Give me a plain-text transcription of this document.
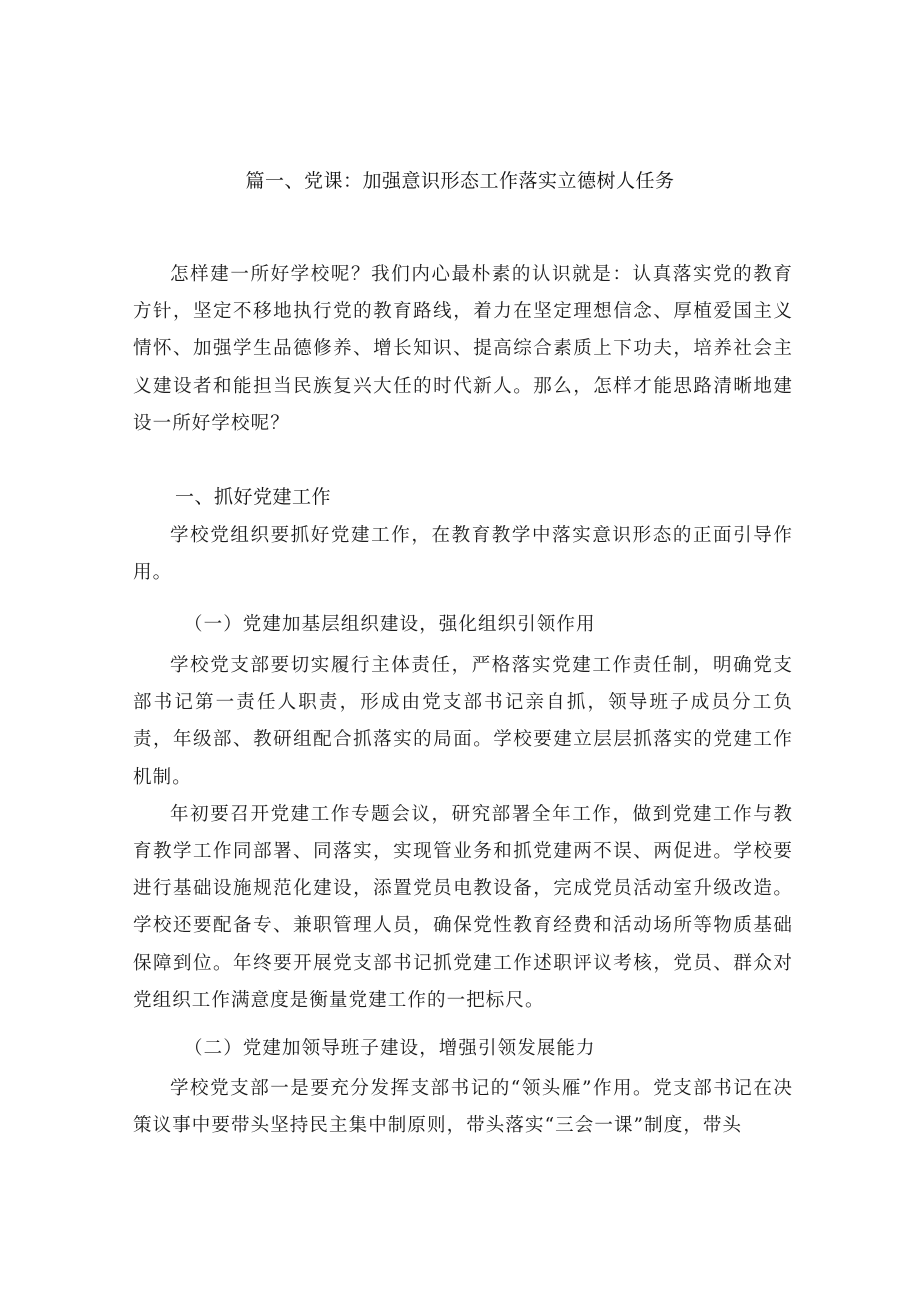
篇一、党课：加强意识形态工作落实立德树人任务

怎样建一所好学校呢？我们内心最朴素的认识就是：认真落实党的教育方针，坚定不移地执行党的教育路线，着力在坚定理想信念、厚植爱国主义情怀、加强学生品德修养、增长知识、提高综合素质上下功夫，培养社会主义建设者和能担当民族复兴大任的时代新人。那么，怎样才能思路清晰地建设一所好学校呢？

一、抓好党建工作

学校党组织要抓好党建工作，在教育教学中落实意识形态的正面引导作用。

（一）党建加基层组织建设，强化组织引领作用

学校党支部要切实履行主体责任，严格落实党建工作责任制，明确党支部书记第一责任人职责，形成由党支部书记亲自抓，领导班子成员分工负责，年级部、教研组配合抓落实的局面。学校要建立层层抓落实的党建工作机制。

年初要召开党建工作专题会议，研究部署全年工作，做到党建工作与教育教学工作同部署、同落实，实现管业务和抓党建两不误、两促进。学校要进行基础设施规范化建设，添置党员电教设备，完成党员活动室升级改造。学校还要配备专、兼职管理人员，确保党性教育经费和活动场所等物质基础保障到位。年终要开展党支部书记抓党建工作述职评议考核，党员、群众对党组织工作满意度是衡量党建工作的一把标尺。

（二）党建加领导班子建设，增强引领发展能力

学校党支部一是要充分发挥支部书记的“领头雁”作用。党支部书记在决策议事中要带头坚持民主集中制原则，带头落实“三会一课”制度，带头
